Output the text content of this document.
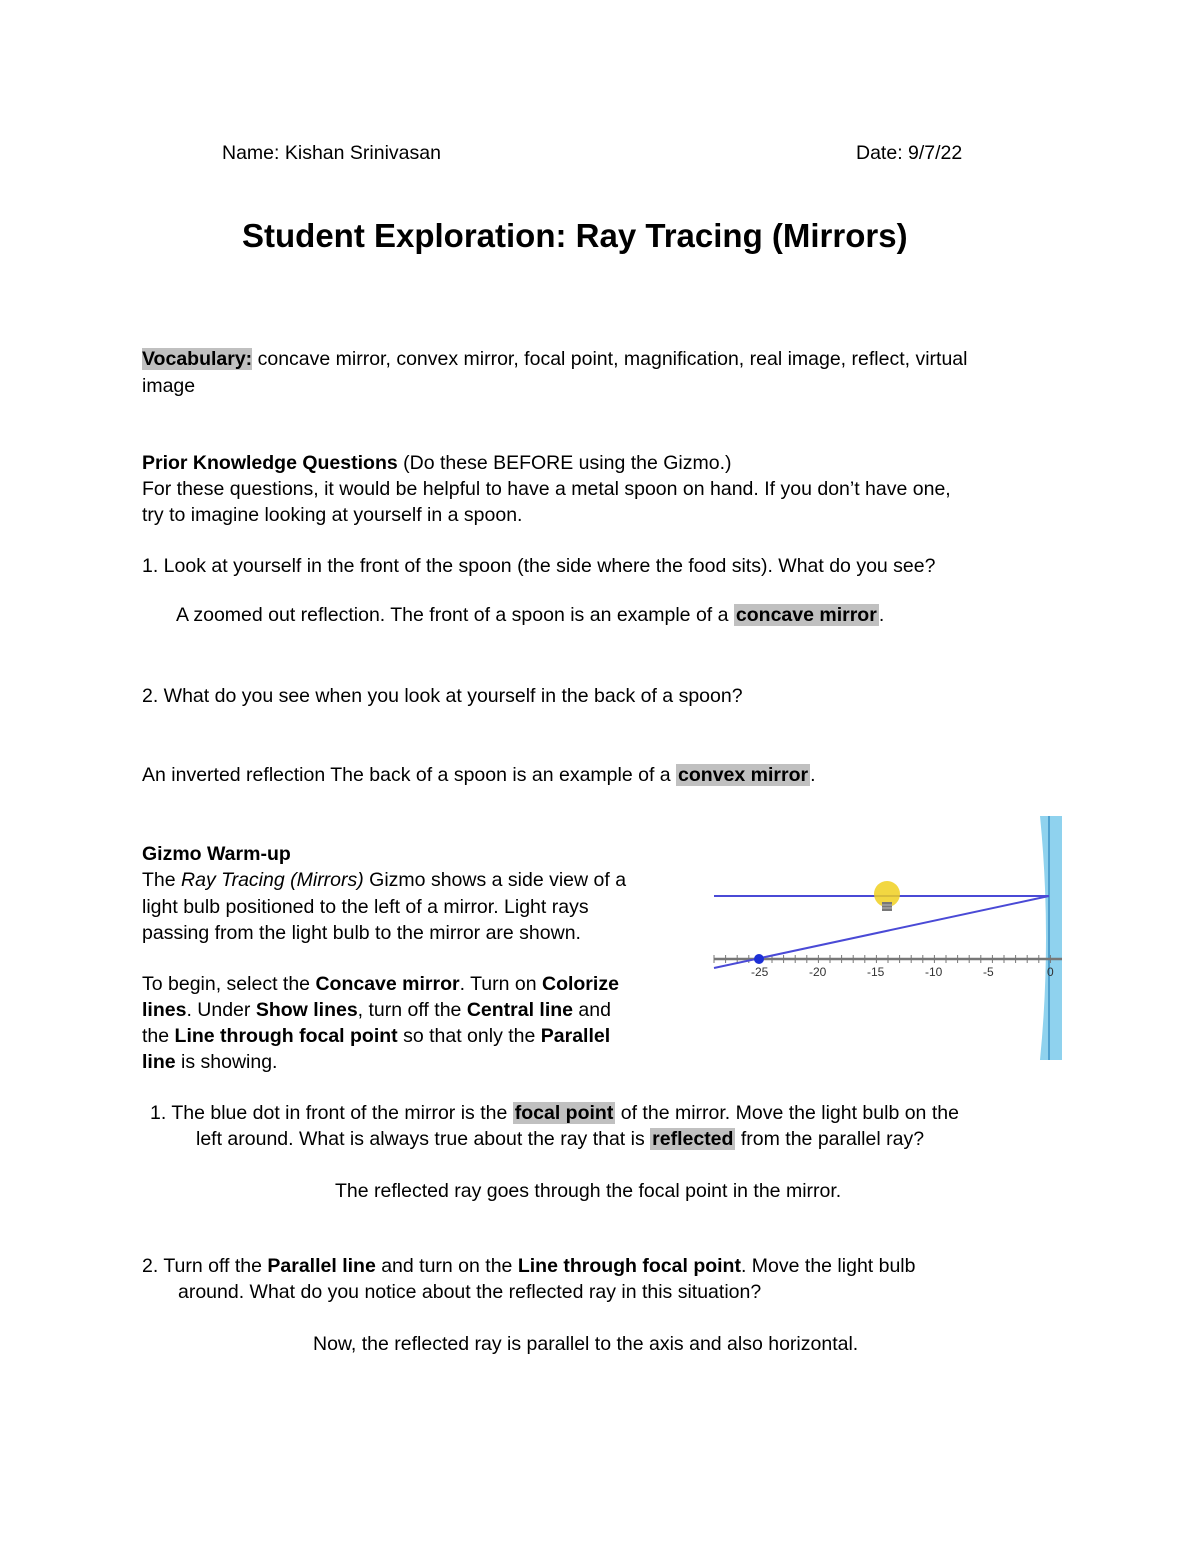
Name: Kishan Srinivasan	Date: 9/7/22
Student Exploration: Ray Tracing (Mirrors)
Vocabulary: concave mirror, convex mirror, focal point, magnification, real image, reflect, virtual
image
Prior Knowledge Questions (Do these BEFORE using the Gizmo.)
For these questions, it would be helpful to have a metal spoon on hand. If you don’t have one,
try to imagine looking at yourself in a spoon.
1. Look at yourself in the front of the spoon (the side where the food sits). What do you see?
A zoomed out reflection. The front of a spoon is an example of a concave mirror .
2. What do you see when you look at yourself in the back of a spoon?
An inverted reflection The back of a spoon is an example of a convex mirror .
Gizmo Warm-up
The Ray Tracing (Mirrors) Gizmo shows a side view of a
light bulb positioned to the left of a mirror. Light rays
passing from the light bulb to the mirror are shown.
To begin, select the Concave mirror. Turn on Colorize
lines. Under Show lines, turn off the Central line and
the Line through focal point so that only the Parallel
line is showing.
-25	-20	-15	-10	-5	0
1. The blue dot in front of the mirror is the focal point of the mirror. Move the light bulb on the
left around. What is always true about the ray that is reflected from the parallel ray?
The reflected ray goes through the focal point in the mirror.
2. Turn off the Parallel line and turn on the Line through focal point. Move the light bulb
around. What do you notice about the reflected ray in this situation?
Now, the reflected ray is parallel to the axis and also horizontal.
